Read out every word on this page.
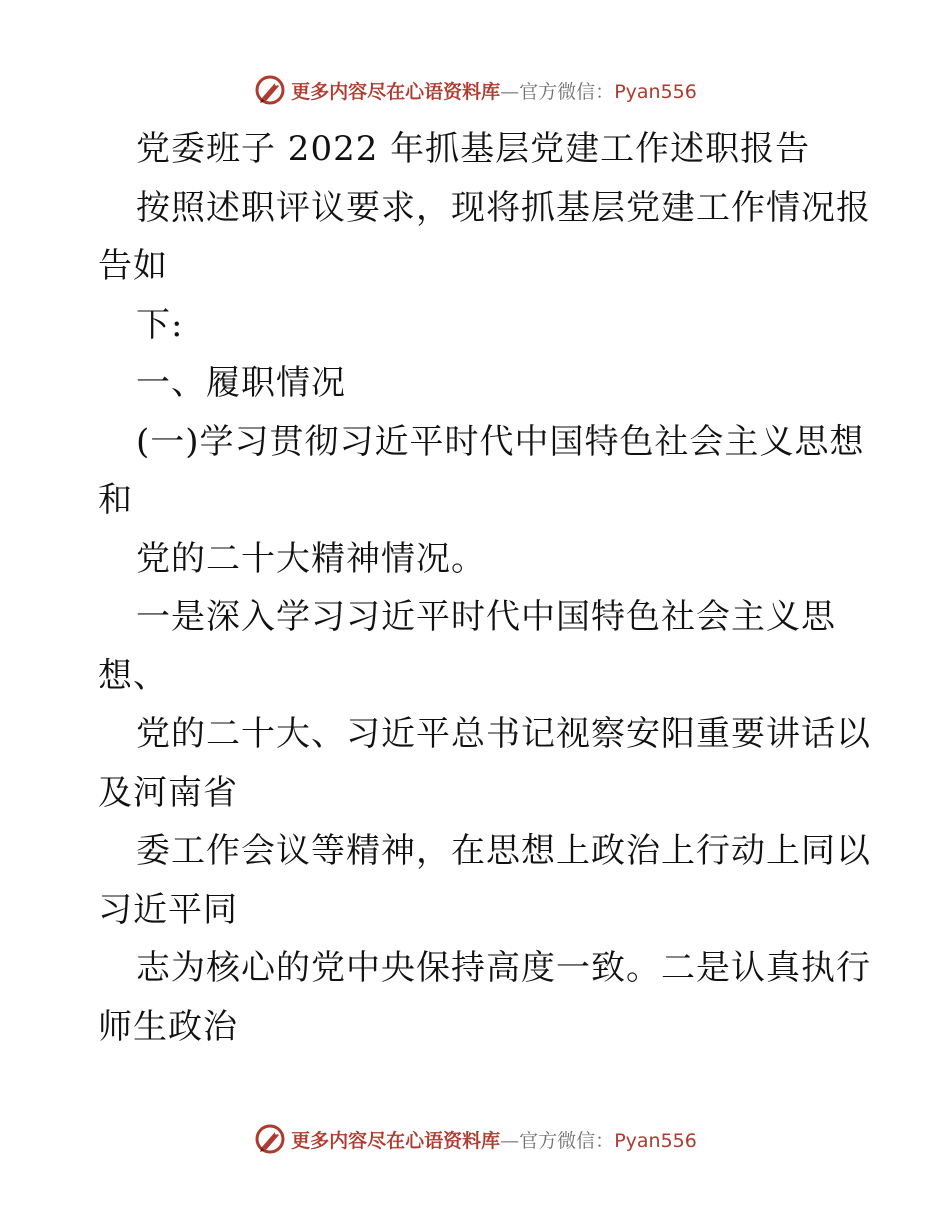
更多内容尽在心语资料库—官方微信：Pyan556
党委班子 2022 年抓基层党建工作述职报告
按照述职评议要求，现将抓基层党建工作情况报
告如
下:
一、履职情况
(一)学习贯彻习近平时代中国特色社会主义思想
和
党的二十大精神情况。
一是深入学习习近平时代中国特色社会主义思
想、
党的二十大、习近平总书记视察安阳重要讲话以
及河南省
委工作会议等精神，在思想上政治上行动上同以
习近平同
志为核心的党中央保持高度一致。二是认真执行
师生政治
更多内容尽在心语资料库—官方微信：Pyan556
